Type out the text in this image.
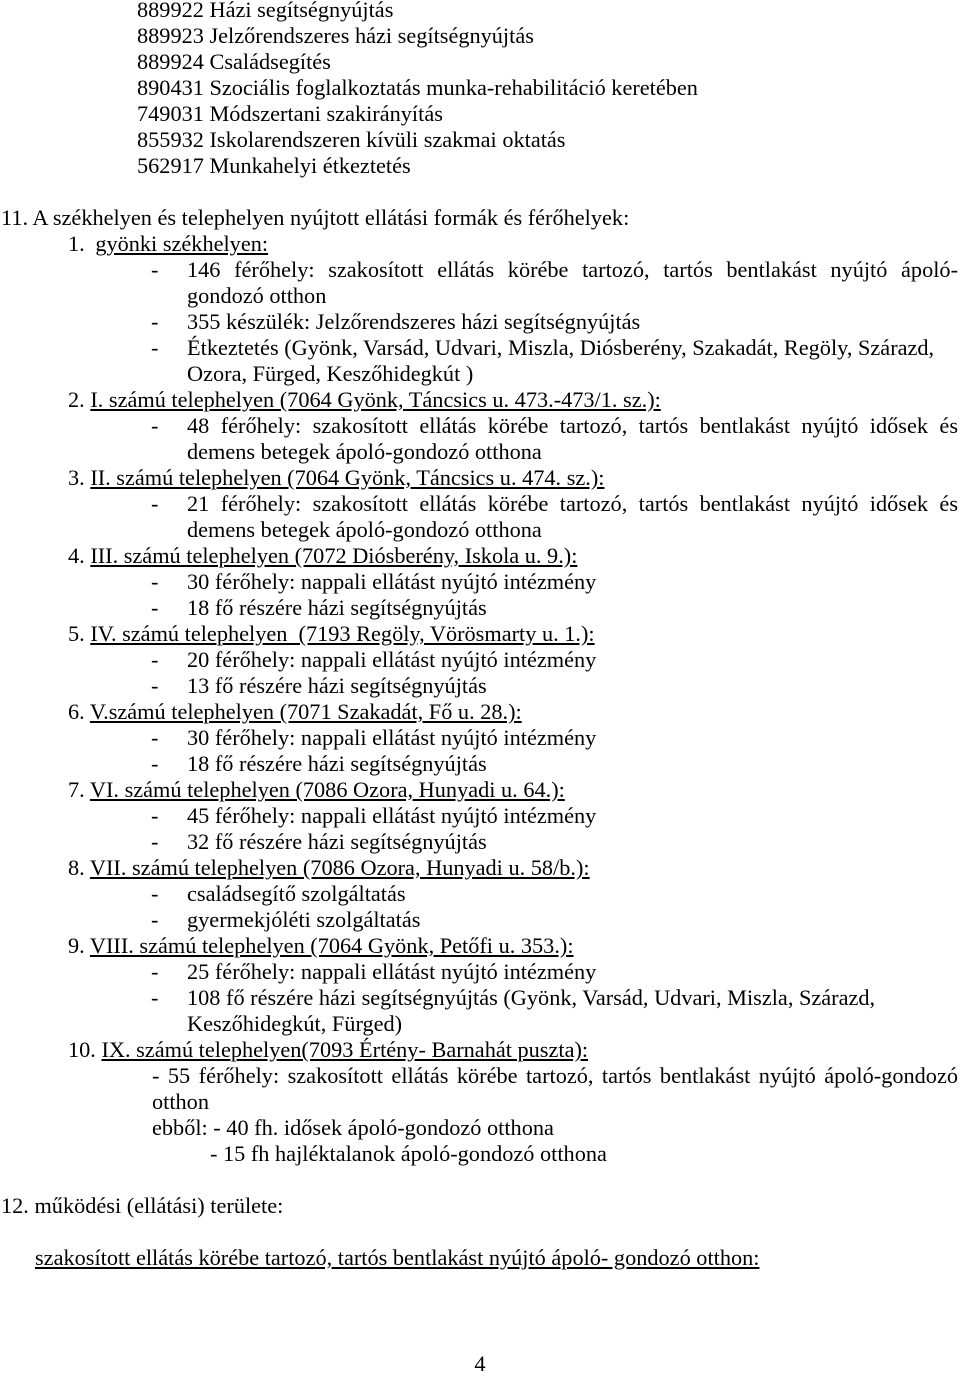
889922 Házi segítségnyújtás
889923 Jelzőrendszeres házi segítségnyújtás
889924 Családsegítés
890431 Szociális foglalkoztatás munka-rehabilitáció keretében
749031 Módszertani szakirányítás
855932 Iskolarendszeren kívüli szakmai oktatás
562917 Munkahelyi étkeztetés
11. A székhelyen és telephelyen nyújtott ellátási formák és férőhelyek:
1. gyönki székhelyen:
- 146 férőhely: szakosított ellátás körébe tartozó, tartós bentlakást nyújtó ápoló-
gondozó otthon
- 355 készülék: Jelzőrendszeres házi segítségnyújtás
- Étkeztetés (Gyönk, Varsád, Udvari, Miszla, Diósberény, Szakadát, Regöly, Szárazd,
Ozora, Fürged, Keszőhidegkút )
2. I. számú telephelyen (7064 Gyönk, Táncsics u. 473.-473/1. sz.):
- 48 férőhely: szakosított ellátás körébe tartozó, tartós bentlakást nyújtó idősek és
demens betegek ápoló-gondozó otthona
3. II. számú telephelyen (7064 Gyönk, Táncsics u. 474. sz.):
- 21 férőhely: szakosított ellátás körébe tartozó, tartós bentlakást nyújtó idősek és
demens betegek ápoló-gondozó otthona
4. III. számú telephelyen (7072 Diósberény, Iskola u. 9.):
- 30 férőhely: nappali ellátást nyújtó intézmény
- 18 fő részére házi segítségnyújtás
5. IV. számú telephelyen  (7193 Regöly, Vörösmarty u. 1.):
- 20 férőhely: nappali ellátást nyújtó intézmény
- 13 fő részére házi segítségnyújtás
6. V.számú telephelyen (7071 Szakadát, Fő u. 28.):
- 30 férőhely: nappali ellátást nyújtó intézmény
- 18 fő részére házi segítségnyújtás
7. VI. számú telephelyen (7086 Ozora, Hunyadi u. 64.):
- 45 férőhely: nappali ellátást nyújtó intézmény
- 32 fő részére házi segítségnyújtás
8. VII. számú telephelyen (7086 Ozora, Hunyadi u. 58/b.):
- családsegítő szolgáltatás
- gyermekjóléti szolgáltatás
9. VIII. számú telephelyen (7064 Gyönk, Petőfi u. 353.):
- 25 férőhely: nappali ellátást nyújtó intézmény
- 108 fő részére házi segítségnyújtás (Gyönk, Varsád, Udvari, Miszla, Szárazd,
Keszőhidegkút, Fürged)
10. IX. számú telephelyen(7093 Értény- Barnahát puszta):
- 55 férőhely: szakosított ellátás körébe tartozó, tartós bentlakást nyújtó ápoló-gondozó
otthon
ebből: - 40 fh. idősek ápoló-gondozó otthona
- 15 fh hajléktalanok ápoló-gondozó otthona
12. működési (ellátási) területe:
szakosított ellátás körébe tartozó, tartós bentlakást nyújtó ápoló- gondozó otthon:
4
